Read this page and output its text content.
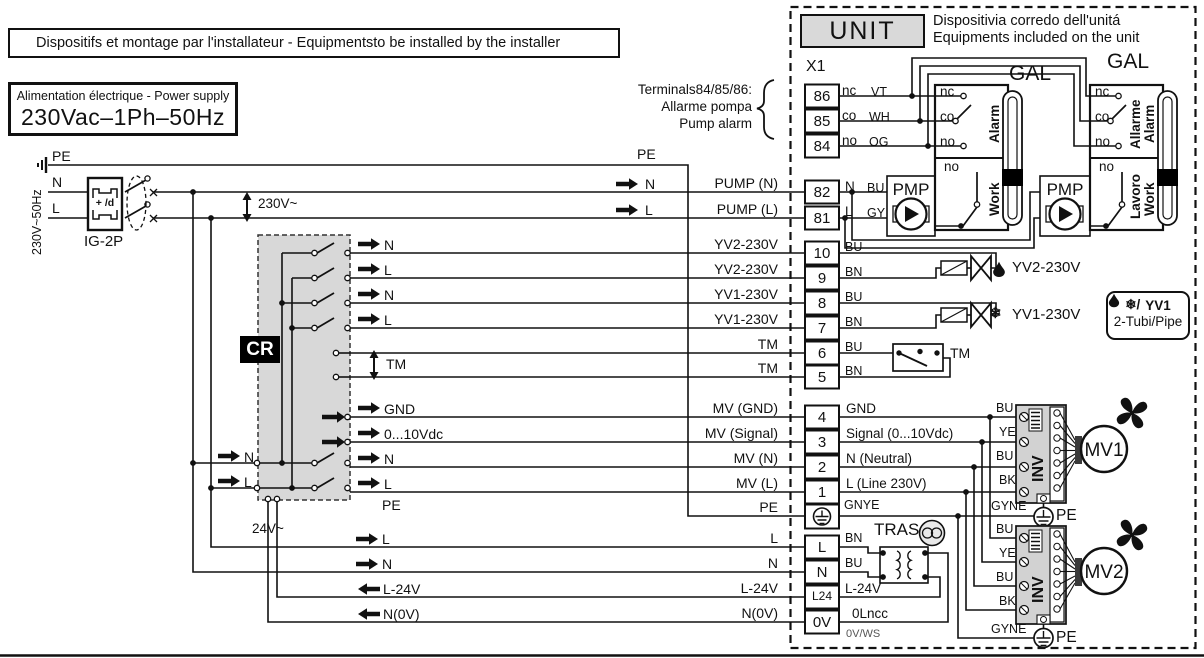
Dispositifs et montage par l'installateur - Equipmentsto be installed by the installer
Alimentation électrique - Power supply
230Vac–1Ph–50Hz
230V~50Hz
PE
N
L
IG-2P
+ /d	230V~
CR
N
L
N
L
TM
GND
0...10Vdc
N
L
PE
N
L
24V~
L
N
L-24V
N(0V)
N
L
PE
PUMP (N)
PUMP (L)
YV2-230V
YV2-230V
YV1-230V
YV1-230V
TM
TM
MV (GND)
MV (Signal)
MV (N)
MV (L)
PE
L
N
L-24V
N(0V)
Terminals84/85/86:
Allarme pompa
Pump alarm
X1
86
85
84
82
81
10
9
8
7
6
5
4
3
2
1
L
N
L24
0V
nc VT
co WH
no OG
N BU
L GY
BU
BN
BU
BN
BU
BN
GND
Signal (0...10Vdc)
N (Neutral)
L (Line 230V)
GNYE
BN
BU
L-24V
0Lncc
0V/WS
UNIT	Dispositivia corredo dell'unitá
Equipments included on the unit
GAL
GAL
nc
co
no
no
Alarm
Work
nc
co
no
no
Allarme Alarm
Lavoro Work
PMP	PMP
YV2-230V
❄ YV1-230V
TM
❄/ YV1
2-Tubi/Pipe
INV
INV
MV1
MV2
BU
YE
BU
BK
GYNE
BU
YE
BU
BK
GYNE
PE
PE
TRAS
